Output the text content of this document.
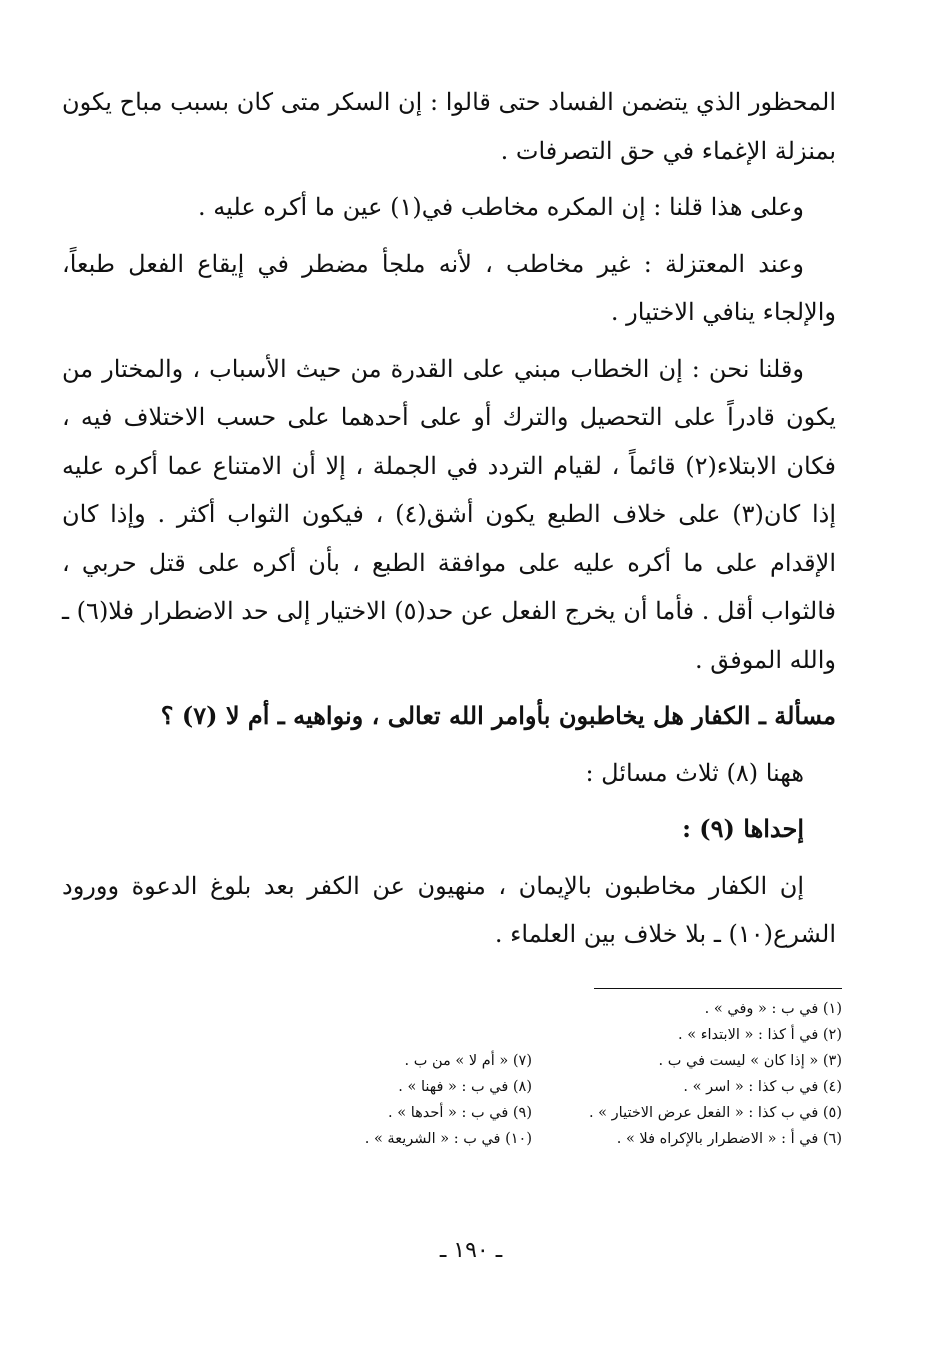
المحظور الذي يتضمن الفساد حتى قالوا : إن السكر متى كان بسبب مباح يكون بمنزلة الإغماء في حق التصرفات .

وعلى هذا قلنا : إن المكره مخاطب في(١) عين ما أكره عليه .

وعند المعتزلة : غير مخاطب ، لأنه ملجأ مضطر في إيقاع الفعل طبعاً، والإلجاء ينافي الاختيار .

وقلنا نحن : إن الخطاب مبني على القدرة من حيث الأسباب ، والمختار من يكون قادراً على التحصيل والترك أو على أحدهما على حسب الاختلاف فيه ، فكان الابتلاء(٢) قائماً ، لقيام التردد في الجملة ، إلا أن الامتناع عما أكره عليه إذا كان(٣) على خلاف الطبع يكون أشق(٤) ، فيكون الثواب أكثر . وإذا كان الإقدام على ما أكره عليه على موافقة الطبع ، بأن أكره على قتل حربي ، فالثواب أقل . فأما أن يخرج الفعل عن حد(٥) الاختيار إلى حد الاضطرار فلا(٦) ـ والله الموفق .

مسألة ـ الكفار هل يخاطبون بأوامر الله تعالى ، ونواهيه ـ أم لا (٧) ؟

ههنا (٨) ثلاث مسائل :

إحداها (٩) :

إن الكفار مخاطبون بالإيمان ، منهيون عن الكفر بعد بلوغ الدعوة وورود الشرع(١٠) ـ بلا خلاف بين العلماء .

(١) في ب : « وفي » .
(٢) في أ كذا : « الابتداء » .
(٣) « إذا كان » ليست في ب .
(٤) في ب كذا : « اسر » .
(٥) في ب كذا : « الفعل عرض الاختيار » .
(٦) في أ : « الاضطرار بالإكراه فلا » .
(٧) « أم لا » من ب .
(٨) في ب : « فهنا » .
(٩) في ب : « أحدها » .
(١٠) في ب : « الشريعة » .
ـ ١٩٠ ـ
